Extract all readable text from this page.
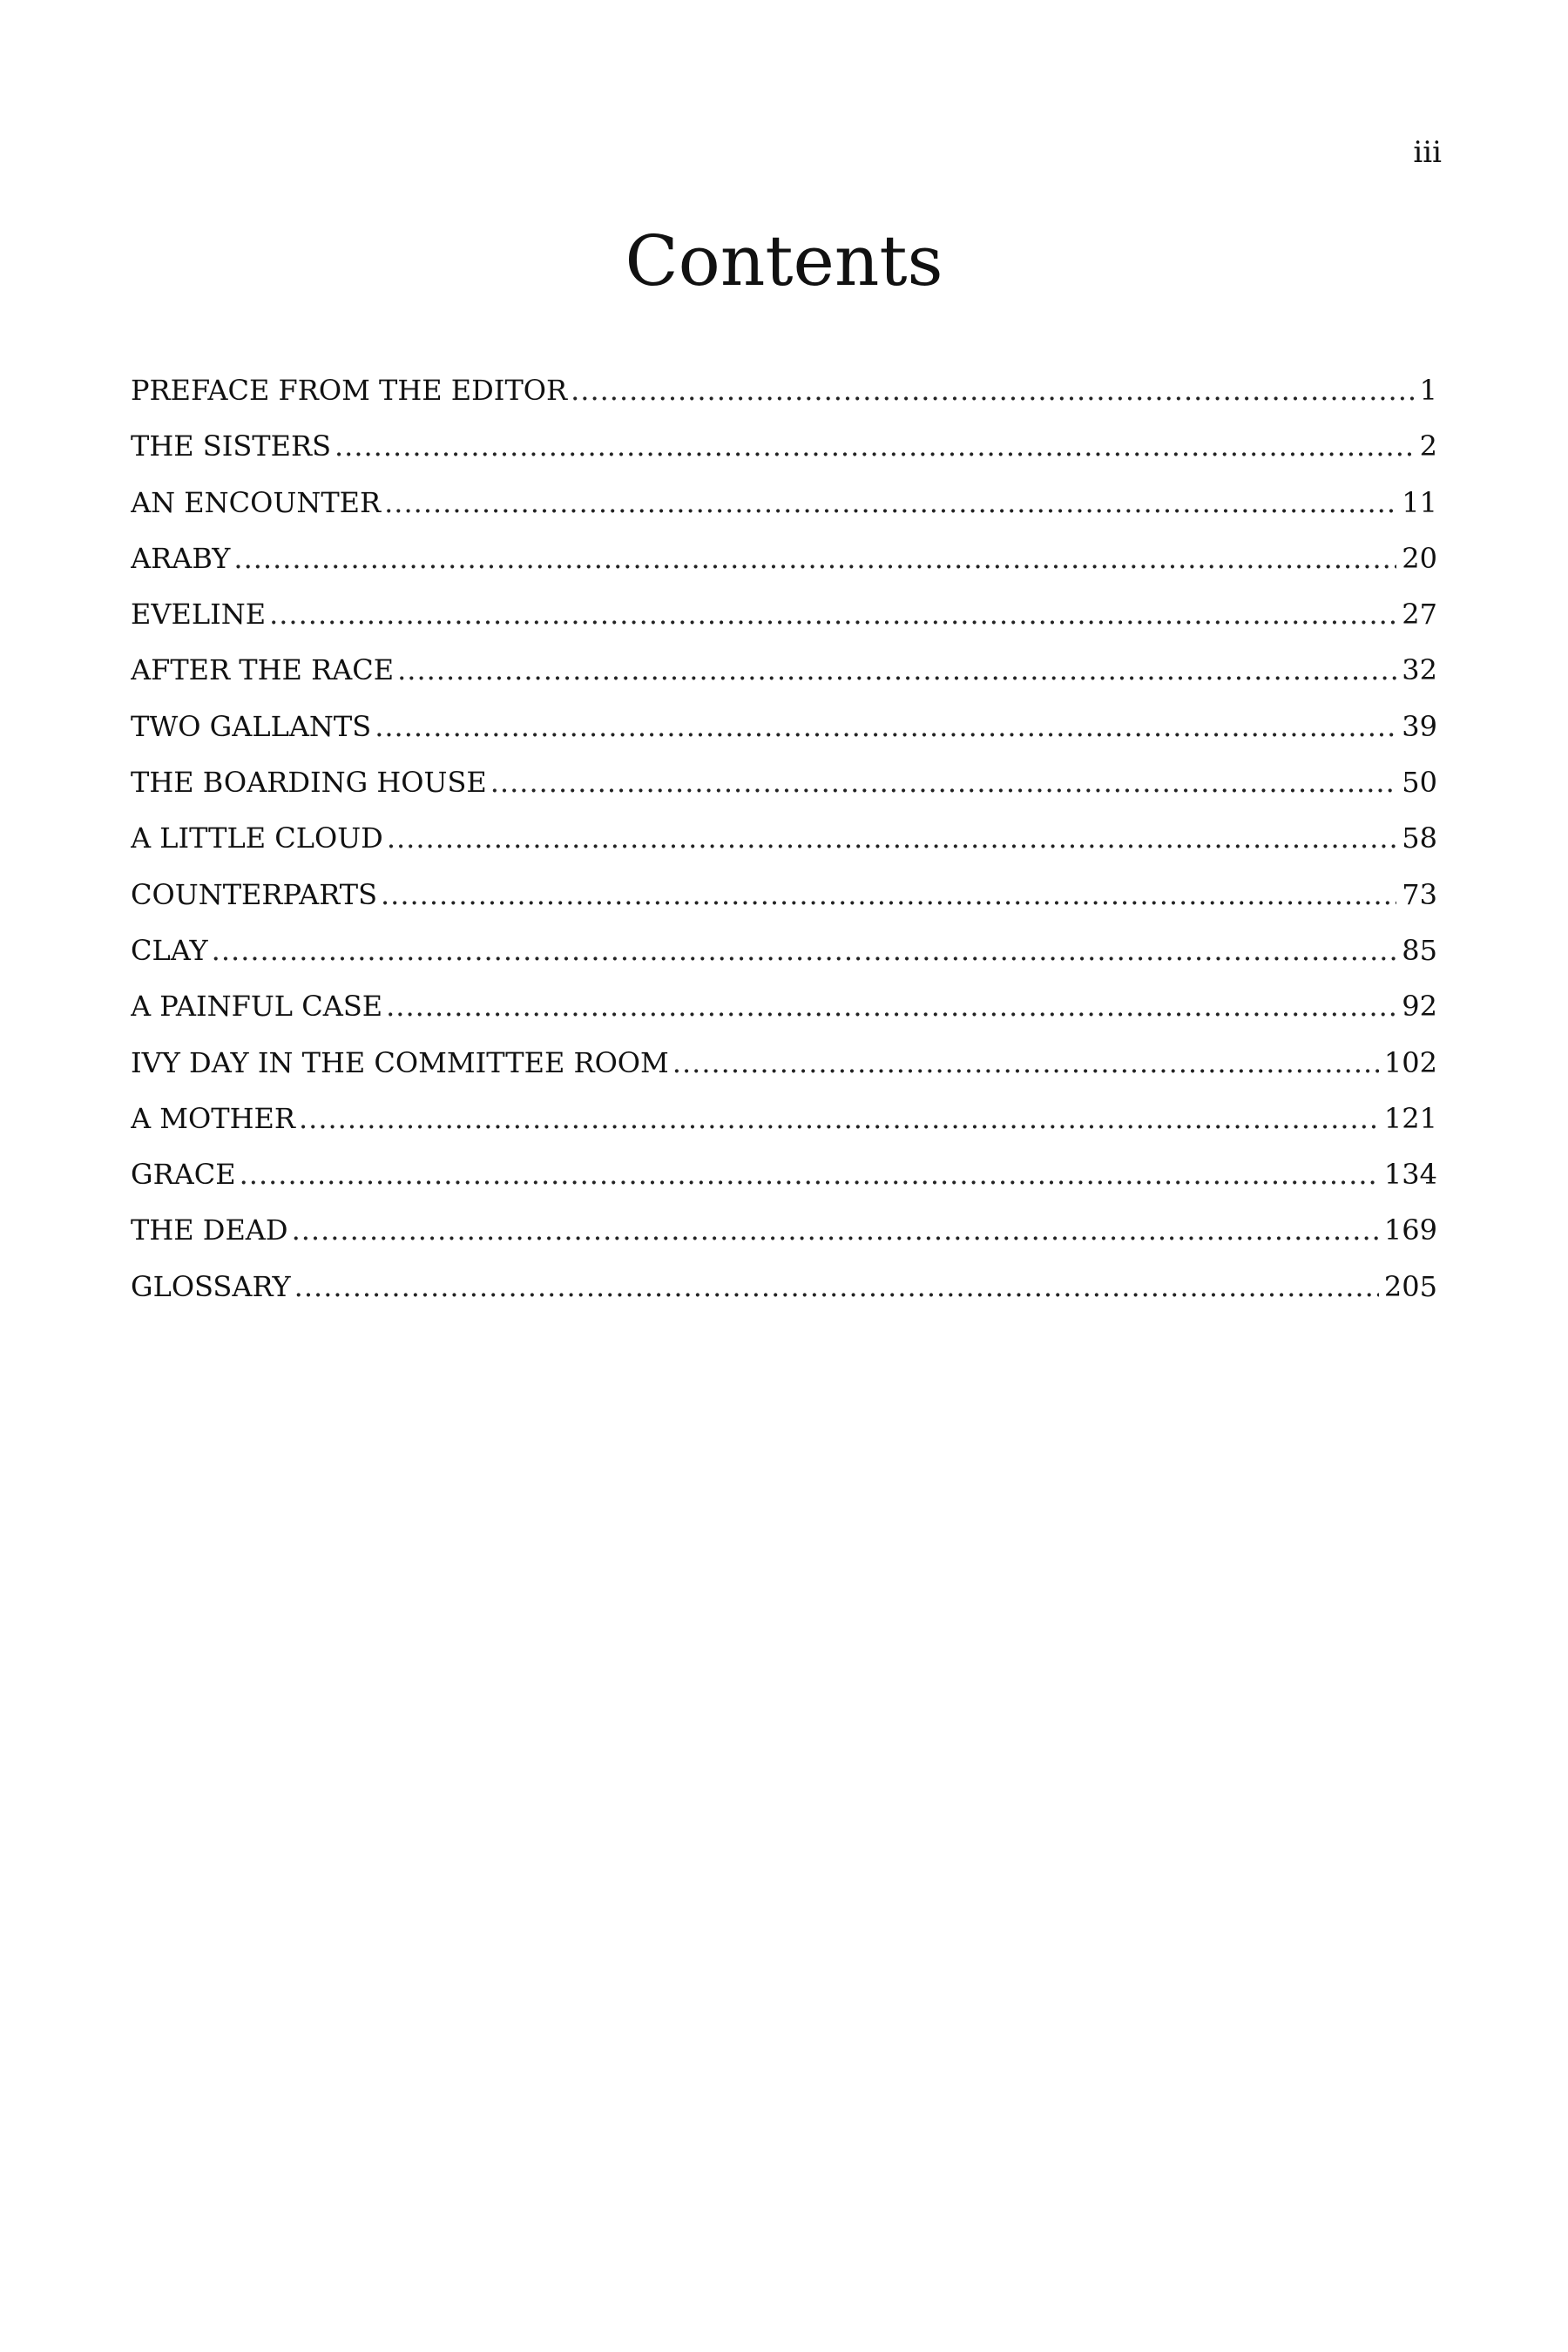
iii
Contents
PREFACE FROM THE EDITOR .....	1
THE SISTERS .....	2
AN ENCOUNTER .....	11
ARABY .....	20
EVELINE .....	27
AFTER THE RACE .....	32
TWO GALLANTS .....	39
THE BOARDING HOUSE .....	50
A LITTLE CLOUD .....	58
COUNTERPARTS .....	73
CLAY .....	85
A PAINFUL CASE .....	92
IVY DAY IN THE COMMITTEE ROOM .....	102
A MOTHER .....	121
GRACE .....	134
THE DEAD .....	169
GLOSSARY .....	205
